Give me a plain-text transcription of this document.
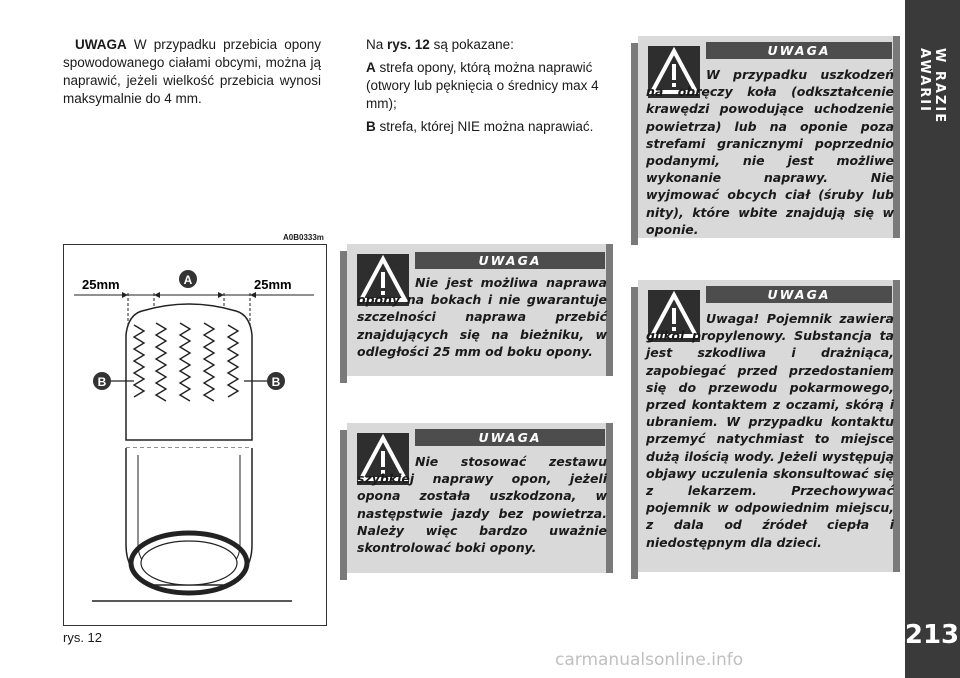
W RAZIE AWARII
213
UWAGA W przypadku przebicia opony spowodowanego ciałami obcymi, można ją naprawić, jeżeli wielkość przebicia wynosi maksymalnie do 4 mm.

Na rys. 12 są pokazane:

A strefa opony, którą można naprawić (otwory lub pęknięcia o średnicy max 4 mm);

B strefa, której NIE można naprawiać.

A0B0333m
25mm	25mm
A
B	B
rys. 12
UWAGA
Nie jest możliwa naprawa opony na bokach i nie gwarantuje szczelności naprawa przebić znajdujących się na bieżniku, w odległości 25 mm od boku opony.
UWAGA
Nie stosować zestawu szybkiej naprawy opon, jeżeli opona została uszkodzona, w następstwie jazdy bez powietrza. Należy więc bardzo uważnie skontrolować boki opony.
UWAGA
W przypadku uszkodzeń na obręczy koła (odkształcenie krawędzi powodujące uchodzenie powietrza) lub na oponie poza strefami granicznymi poprzednio podanymi, nie jest możliwe wykonanie naprawy. Nie wyjmować obcych ciał (śruby lub nity), które wbite znajdują się w oponie.
UWAGA
Uwaga! Pojemnik zawiera glikol propylenowy. Substancja ta jest szkodliwa i drażniąca, zapobiegać przed przedostaniem się do przewodu pokarmowego, przed kontaktem z oczami, skórą i ubraniem. W przypadku kontaktu przemyć natychmiast to miejsce dużą ilością wody. Jeżeli występują objawy uczulenia skonsultować się z lekarzem. Przechowywać pojemnik w odpowiednim miejscu, z dala od źródeł ciepła i niedostępnym dla dzieci.
carmanualsonline.info
